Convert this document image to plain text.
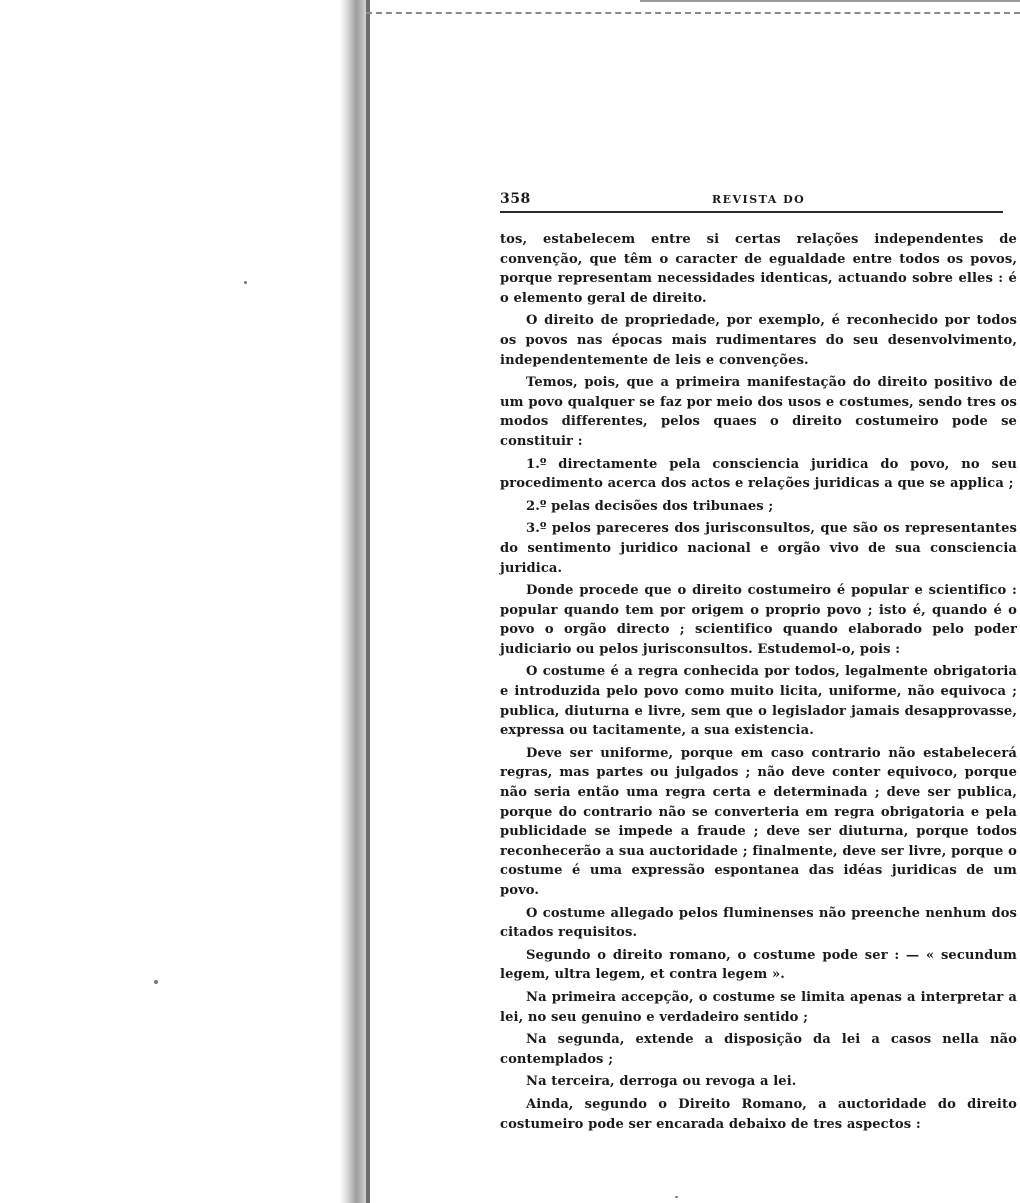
358	REVISTA DO

tos, estabelecem entre si certas relações independentes de convenção, que têm o caracter de egualdade entre todos os povos, porque representam necessidades identicas, actuando sobre elles : é o elemento geral de direito.

O direito de propriedade, por exemplo, é reconhecido por todos os povos nas épocas mais rudimentares do seu desenvolvimento, independentemente de leis e convenções.

Temos, pois, que a primeira manifestação do direito positivo de um povo qualquer se faz por meio dos usos e costumes, sendo tres os modos differentes, pelos quaes o direito costumeiro pode se constituir :

1.º directamente pela consciencia juridica do povo, no seu procedimento acerca dos actos e relações juridicas a que se applica ;

2.º pelas decisões dos tribunaes ;

3.º pelos pareceres dos jurisconsultos, que são os representantes do sentimento juridico nacional e orgão vivo de sua consciencia juridica.

Donde procede que o direito costumeiro é popular e scientifico : popular quando tem por origem o proprio povo ; isto é, quando é o povo o orgão directo ; scientifico quando elaborado pelo poder judiciario ou pelos jurisconsultos. Estudemol-o, pois :

O costume é a regra conhecida por todos, legalmente obrigatoria e introduzida pelo povo como muito licita, uniforme, não equivoca ; publica, diuturna e livre, sem que o legislador jamais desapprovasse, expressa ou tacitamente, a sua existencia.

Deve ser uniforme, porque em caso contrario não estabelecerá regras, mas partes ou julgados ; não deve conter equivoco, porque não seria então uma regra certa e determinada ; deve ser publica, porque do contrario não se converteria em regra obrigatoria e pela publicidade se impede a fraude ; deve ser diuturna, porque todos reconhecerão a sua auctoridade ; finalmente, deve ser livre, porque o costume é uma expressão espontanea das idéas juridicas de um povo.

O costume allegado pelos fluminenses não preenche nenhum dos citados requisitos.

Segundo o direito romano, o costume pode ser : — « secundum legem, ultra legem, et contra legem ».

Na primeira accepção, o costume se limita apenas a interpretar a lei, no seu genuino e verdadeiro sentido ;

Na segunda, extende a disposição da lei a casos nella não contemplados ;

Na terceira, derroga ou revoga a lei.

Ainda, segundo o Direito Romano, a auctoridade do direito costumeiro pode ser encarada debaixo de tres aspectos :
